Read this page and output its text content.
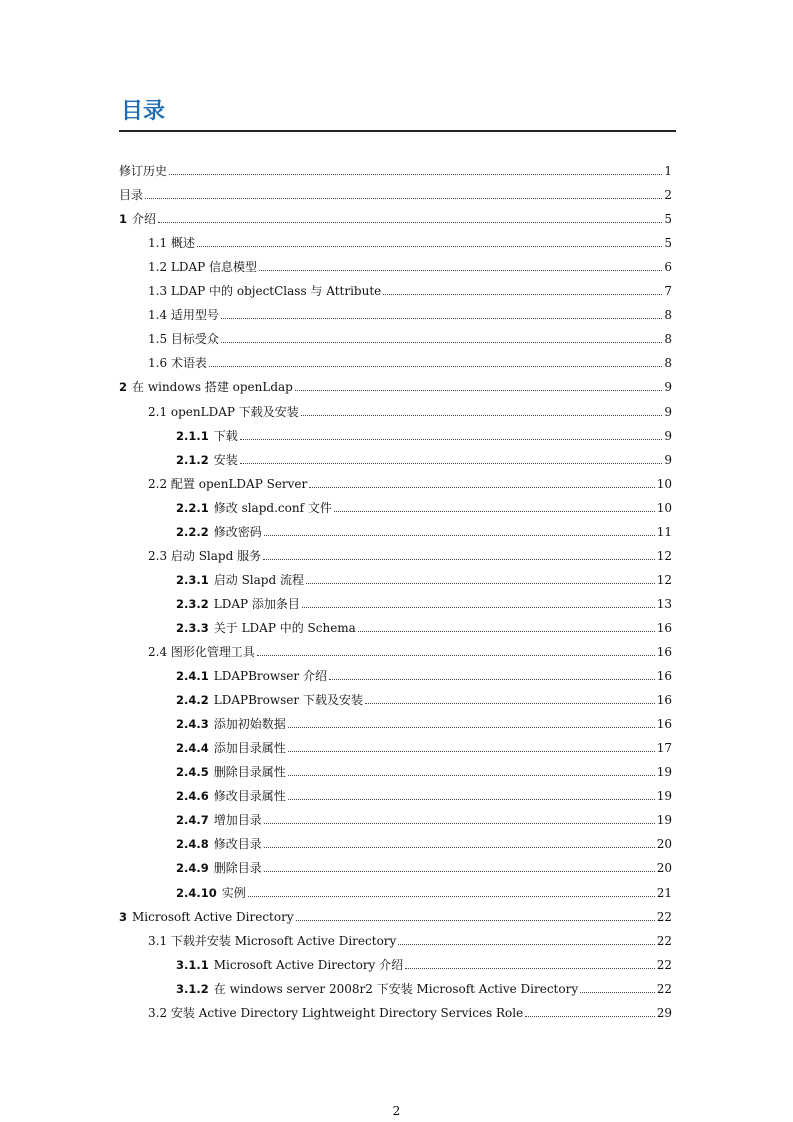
目录
修订历史	1
目录	2
1 介绍	5
1.1 概述	5
1.2 LDAP 信息模型	6
1.3 LDAP 中的 objectClass 与 Attribute	7
1.4 适用型号	8
1.5 目标受众	8
1.6 术语表	8
2 在 windows 搭建 openLdap	9
2.1 openLDAP 下载及安装	9
2.1.1 下载	9
2.1.2 安装	9
2.2 配置 openLDAP Server	10
2.2.1 修改 slapd.conf 文件	10
2.2.2 修改密码	11
2.3 启动 Slapd 服务	12
2.3.1 启动 Slapd 流程	12
2.3.2 LDAP 添加条目	13
2.3.3 关于 LDAP 中的 Schema	16
2.4 图形化管理工具	16
2.4.1 LDAPBrowser 介绍	16
2.4.2 LDAPBrowser 下载及安装	16
2.4.3 添加初始数据	16
2.4.4 添加目录属性	17
2.4.5 删除目录属性	19
2.4.6 修改目录属性	19
2.4.7 增加目录	19
2.4.8 修改目录	20
2.4.9 删除目录	20
2.4.10 实例	21
3 Microsoft Active Directory	22
3.1 下载并安装 Microsoft Active Directory	22
3.1.1 Microsoft Active Directory 介绍	22
3.1.2 在 windows server 2008r2 下安装 Microsoft Active Directory	22
3.2 安装 Active Directory Lightweight Directory Services Role	29
2
